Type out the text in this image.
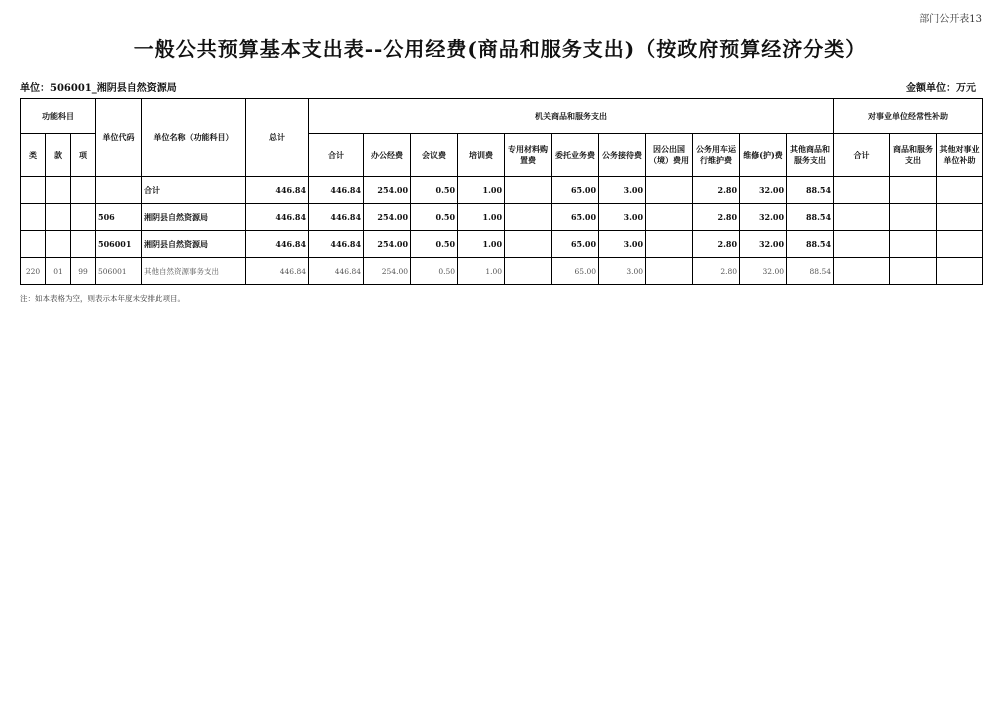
部门公开表13
一般公共预算基本支出表--公用经费(商品和服务支出)（按政府预算经济分类）
单位：506001_湘阴县自然资源局	金额单位：万元
功能科目			单位代码	单位名称（功能科目）	总计	机关商品和服务支出											对事业单位经常性补助		
类	款	项				合计	办公经费	会议费	培训费	专用材料购置费	委托业务费	公务接待费	因公出国（境）费用	公务用车运行维护费	维修(护)费	其他商品和服务支出	合计	商品和服务支出	其他对事业单位补助
				合计	446.84	446.84	254.00	0.50	1.00		65.00	3.00		2.80	32.00	88.54			
			506	湘阴县自然资源局	446.84	446.84	254.00	0.50	1.00		65.00	3.00		2.80	32.00	88.54			
			506001	湘阴县自然资源局	446.84	446.84	254.00	0.50	1.00		65.00	3.00		2.80	32.00	88.54			
220	01	99	506001	其他自然资源事务支出	446.84	446.84	254.00	0.50	1.00		65.00	3.00		2.80	32.00	88.54			
注：如本表格为空，则表示本年度未安排此项目。
